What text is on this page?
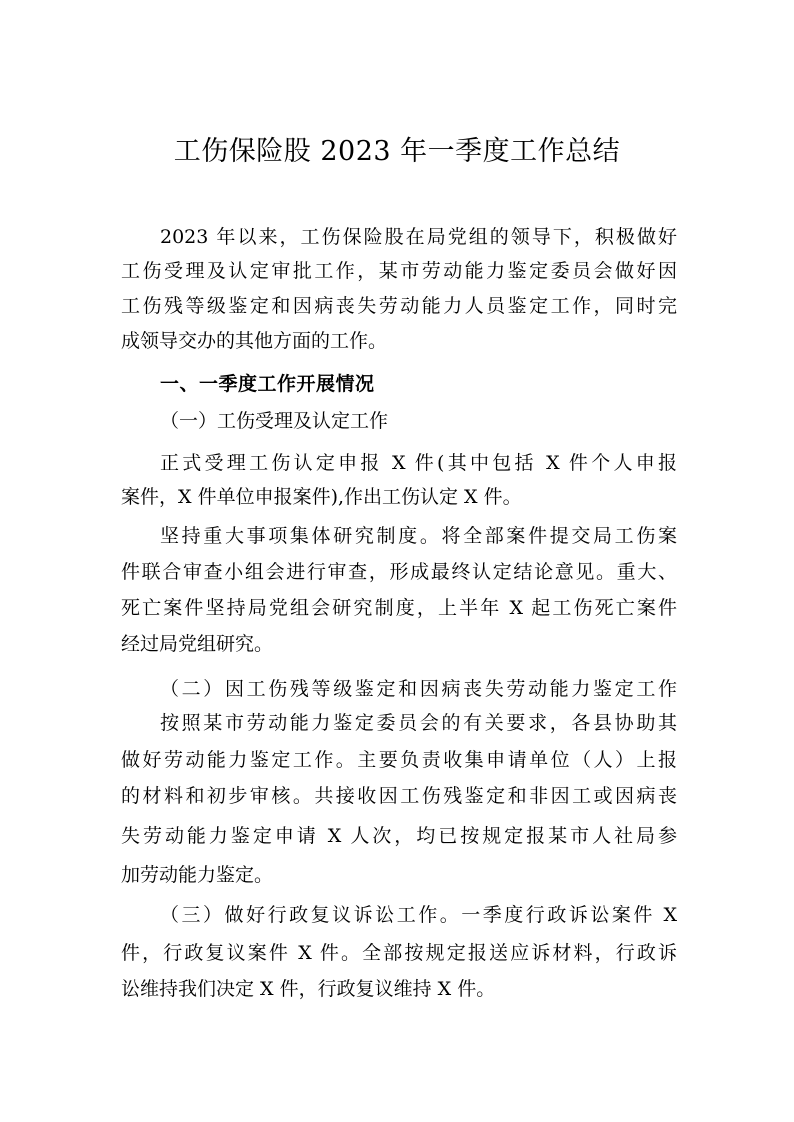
工伤保险股 2023 年一季度工作总结
2023 年以来，工伤保险股在局党组的领导下，积极做好
工伤受理及认定审批工作，某市劳动能力鉴定委员会做好因
工伤残等级鉴定和因病丧失劳动能力人员鉴定工作，同时完
成领导交办的其他方面的工作。
一、一季度工作开展情况
（一）工伤受理及认定工作
正式受理工伤认定申报 X 件(其中包括 X 件个人申报
案件，X 件单位申报案件),作出工伤认定 X 件。
坚持重大事项集体研究制度。将全部案件提交局工伤案
件联合审查小组会进行审查，形成最终认定结论意见。重大、
死亡案件坚持局党组会研究制度，上半年 X 起工伤死亡案件
经过局党组研究。
（二）因工伤残等级鉴定和因病丧失劳动能力鉴定工作
按照某市劳动能力鉴定委员会的有关要求，各县协助其
做好劳动能力鉴定工作。主要负责收集申请单位（人）上报
的材料和初步审核。共接收因工伤残鉴定和非因工或因病丧
失劳动能力鉴定申请 X 人次，均已按规定报某市人社局参
加劳动能力鉴定。
（三）做好行政复议诉讼工作。一季度行政诉讼案件 X
件，行政复议案件 X 件。全部按规定报送应诉材料，行政诉
讼维持我们决定 X 件，行政复议维持 X 件。
